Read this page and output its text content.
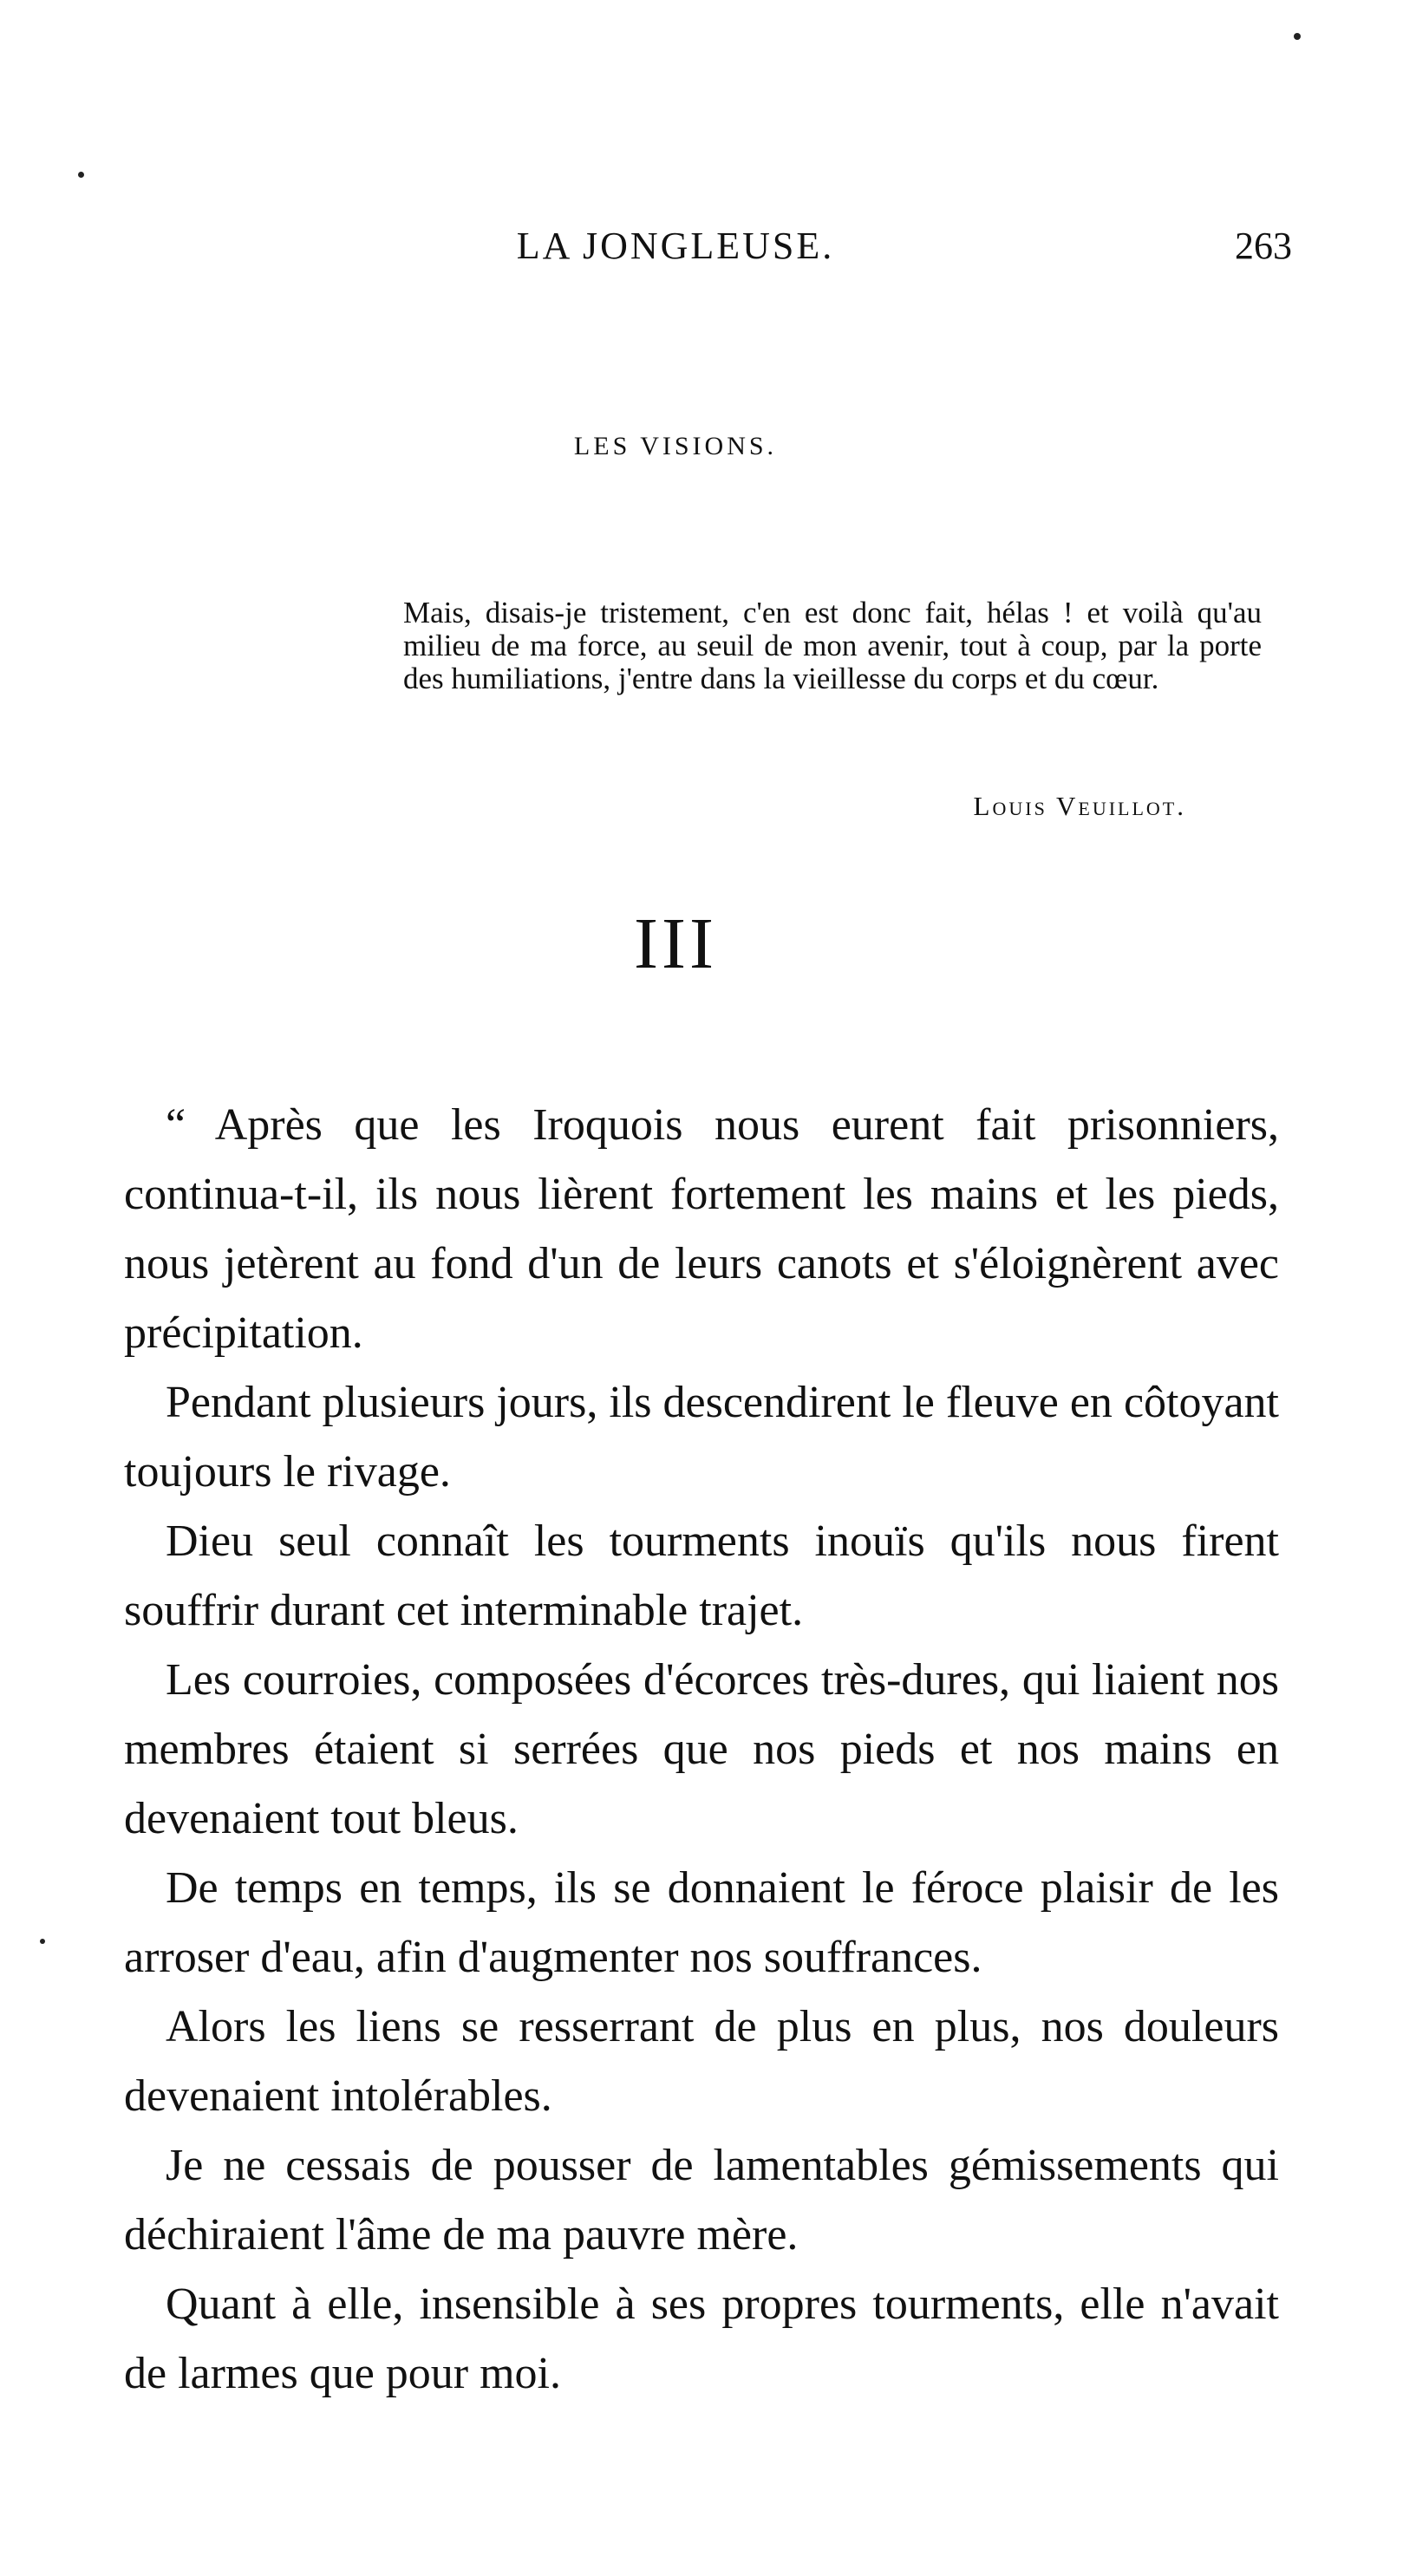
LA JONGLEUSE.	263
LES VISIONS.
Mais, disais-je tristement, c'en est donc fait, hélas ! et voilà qu'au milieu de ma force, au seuil de mon avenir, tout à coup, par la porte des humiliations, j'entre dans la vieillesse du corps et du cœur.
Louis Veuillot.
III

“ Après que les Iroquois nous eurent fait prisonniers, continua-t-il, ils nous lièrent fortement les mains et les pieds, nous jetèrent au fond d'un de leurs canots et s'éloignèrent avec précipitation.

Pendant plusieurs jours, ils descendirent le fleuve en côtoyant toujours le rivage.

Dieu seul connaît les tourments inouïs qu'ils nous firent souffrir durant cet interminable trajet.

Les courroies, composées d'écorces très-dures, qui liaient nos membres étaient si serrées que nos pieds et nos mains en devenaient tout bleus.

De temps en temps, ils se donnaient le féroce plaisir de les arroser d'eau, afin d'augmenter nos souffrances.

Alors les liens se resserrant de plus en plus, nos douleurs devenaient intolérables.

Je ne cessais de pousser de lamentables gémissements qui déchiraient l'âme de ma pauvre mère.

Quant à elle, insensible à ses propres tourments, elle n'avait de larmes que pour moi.
